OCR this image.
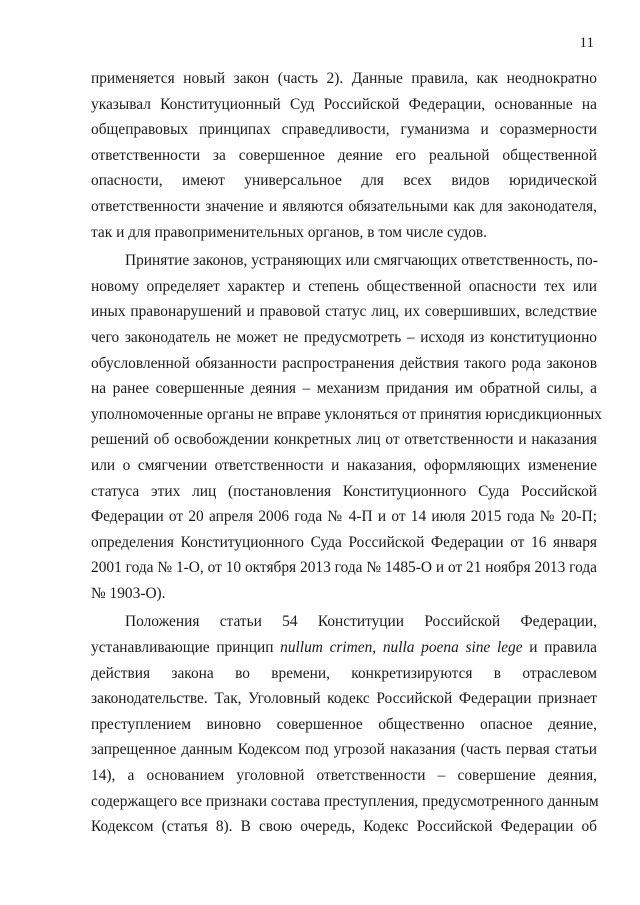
11
применяется новый закон (часть 2). Данные правила, как неоднократно
указывал Конституционный Суд Российской Федерации, основанные на
общеправовых принципах справедливости, гуманизма и соразмерности
ответственности за совершенное деяние его реальной общественной
опасности, имеют универсальное для всех видов юридической
ответственности значение и являются обязательными как для законодателя,
так и для правоприменительных органов, в том числе судов.
Принятие законов, устраняющих или смягчающих ответственность, по-
новому определяет характер и степень общественной опасности тех или
иных правонарушений и правовой статус лиц, их совершивших, вследствие
чего законодатель не может не предусмотреть – исходя из конституционно
обусловленной обязанности распространения действия такого рода законов
на ранее совершенные деяния – механизм придания им обратной силы, а
уполномоченные органы не вправе уклоняться от принятия юрисдикционных
решений об освобождении конкретных лиц от ответственности и наказания
или о смягчении ответственности и наказания, оформляющих изменение
статуса этих лиц (постановления Конституционного Суда Российской
Федерации от 20 апреля 2006 года № 4-П и от 14 июля 2015 года № 20-П;
определения Конституционного Суда Российской Федерации от 16 января
2001 года № 1-О, от 10 октября 2013 года № 1485-О и от 21 ноября 2013 года
№ 1903-О).
Положения статьи 54 Конституции Российской Федерации,
устанавливающие принцип nullum crimen, nulla poena sine lege и правила
действия закона во времени, конкретизируются в отраслевом
законодательстве. Так, Уголовный кодекс Российской Федерации признает
преступлением виновно совершенное общественно опасное деяние,
запрещенное данным Кодексом под угрозой наказания (часть первая статьи
14), а основанием уголовной ответственности – совершение деяния,
содержащего все признаки состава преступления, предусмотренного данным
Кодексом (статья 8). В свою очередь, Кодекс Российской Федерации об
